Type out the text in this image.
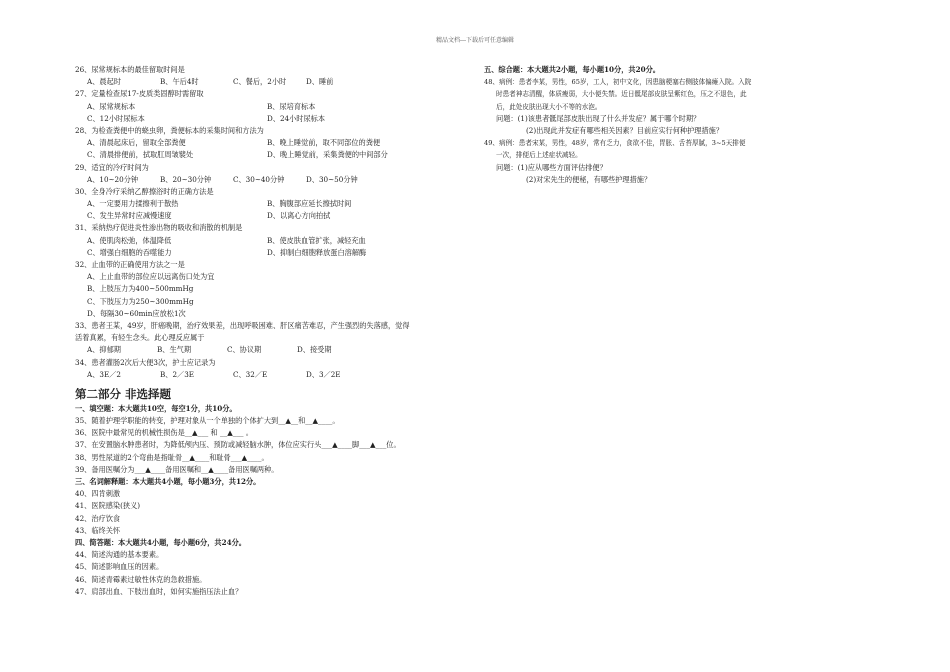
精品文档---下载后可任意编辑
26、尿常规标本的最佳留取时间是
A、晨起时	B、午后4时	C、餐后，2小时	D、睡前
27、定量检查尿17-皮质类固醇时需留取
A、尿常规标本	B、尿培育标本
C、12小时尿标本	D、24小时尿标本
28、为检查粪便中的蛲虫卵，粪便标本的采集时间和方法为
A、清晨起床后，留取全部粪便	B、晚上睡觉前，取不同部位的粪便
C、清晨排便前，拭取肛周皱襞处	D、晚上睡觉前，采集粪便的中间部分
29、适宜的冷疗时间为
A、10~20分钟	B、20~30分钟	C、30~40分钟	D、30~50分钟
30、全身冷疗采纳乙醇擦浴时的正确方法是
A、一定要用力揉擦利于散热	B、胸腹部应延长擦拭时间
C、发生异常时应减慢速度	D、以离心方向拍拭
31、采纳热疗促进炎性渗出物的吸收和消散的机制是
A、使肌肉松弛，体温降低	B、使皮肤血管扩张，减轻充血
C、增强白细胞的吞噬能力	D、抑制白细胞释放蛋白溶解酶
32、止血带的正确使用方法之一是
A、上止血带的部位应以远离伤口处为宜
B、上肢压力为400~500mmHg
C、下肢压力为250~300mmHg
D、每隔30~60min应放松1次
33、患者王某，49岁，肝癌晚期，治疗效果差，出现呼吸困难、肝区痛苦难忍，产生强烈的失落感，觉得
活着真累，有轻生念头。此心理反应属于
A、抑郁期	B、生气期	C、协议期	D、接受期
34、患者灌肠2次后大便3次，护士应记录为
A、3E／2	B、2／3E	C、32／E	D、3／2E
第二部分 非选择题
一、填空题：本大题共10空，每空1分，共10分。
35、随着护理学职能的转变，护理对象从一个单独的个体扩大到__▲__和__▲____。
36、医院中最常见的机械性损伤是__▲___ 和 __▲___ 。
37、在安置脑水肿患者时，为降低颅内压、预防或减轻脑水肿，体位应实行头___▲____脚___▲___位。
38、男性尿道的2个弯曲是指耻骨__▲____和耻骨___▲____。
39、备用医嘱分为___▲____备用医嘱和__▲____备用医嘱两种。
三、名词解释题：本大题共4小题，每小题3分，共12分。
40、四肯刺激
41、医院感染(狭义)
42、治疗饮食
43、临终关怀
四、简答题：本大题共4小题，每小题6分，共24分。
44、简述沟通的基本要素。
45、简述影响血压的因素。
46、简述青霉素过敏性休克的急救措施。
47、肩部出血、下肢出血时，如何实施指压法止血？
五、综合题：本大题共2小题，每小题10分，共20分。
48、病例：患者李某，男性，65岁，工人，初中文化，因患脑梗塞右侧肢体偏瘫入院。入院
时患者神志清醒，体质瘦弱，大小便失禁。近日骶尾部皮肤呈紫红色，压之不退色，此
后，此处皮肤出现大小不等的水泡。
问题：(1)该患者骶尾部皮肤出现了什么并发症？属于哪个时期？
(2)出现此并发症有哪些相关因素？目前应实行何种护理措施？
49、病例：患者宋某，男性，48岁，常有乏力，食欲不佳，胃胀、舌苔厚腻，3~5天排便
一次，排便后上述症状减轻。
问题：(1)应从哪些方面评估排便？
(2)对宋先生的便秘，有哪些护理措施？
